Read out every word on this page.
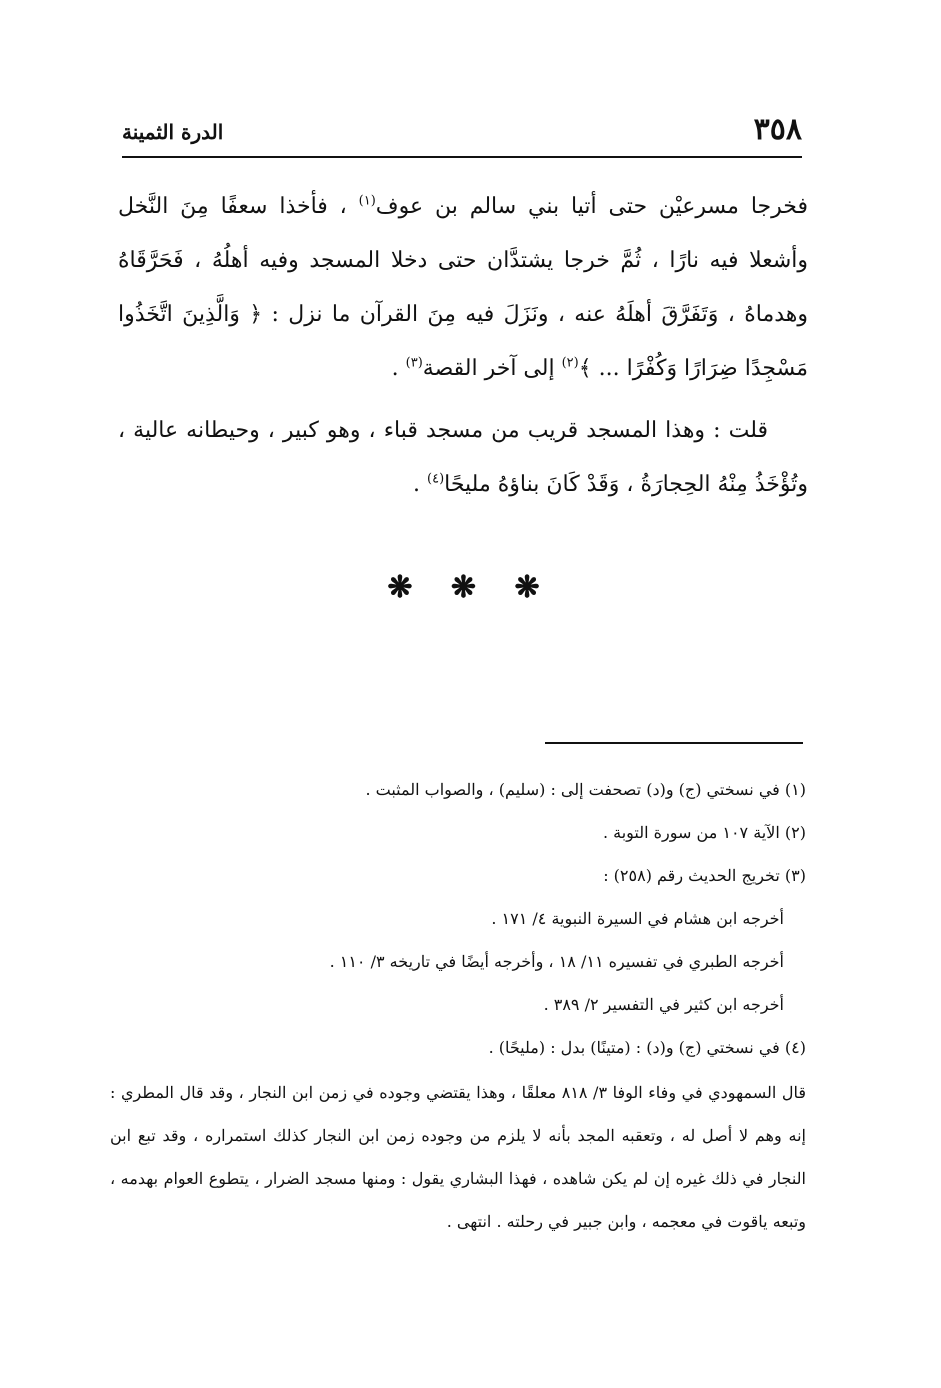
٣٥٨
الدرة الثمينة

فخرجا مسرعيْن حتى أتيا بني سالم بن عوف$^{(١)}$ ، فأخذا سعفًا مِنَ النَّخل وأشعلا فيه نارًا ، ثُمَّ خرجا يشتدَّان حتى دخلا المسجد وفيه أهلُهُ ، فَحَرَّقَاهُ وهدماهُ ، وَتَفَرَّقَ أهلَهُ عنه ، ونَزَلَ فيه مِنَ القرآن ما نزل : ﴿ وَالَّذِينَ اتَّخَذُوا مَسْجِدًا ضِرَارًا وَكُفْرًا ... ﴾$^{(٢)}$ إلى آخر القصة$^{(٣)}$ .

قلت : وهذا المسجد قريب من مسجد قباء ، وهو كبير ، وحيطانه عالية ، وتُؤْخَذُ مِنْهُ الحِجارَةُ ، وَقَدْ كَانَ بناؤهُ مليحًا$^{(٤)}$ .

❋ ❋ ❋
(١) في نسختي (ج) و(د) تصحفت إلى : (سليم) ، والصواب المثبت .
(٢) الآية ١٠٧ من سورة التوبة .
(٣) تخريج الحديث رقم (٢٥٨) :
أخرجه ابن هشام في السيرة النبوية ٤/ ١٧١ .
أخرجه الطبري في تفسيره ١١/ ١٨ ، وأخرجه أيضًا في تاريخه ٣/ ١١٠ .
أخرجه ابن كثير في التفسير ٢/ ٣٨٩ .
(٤) في نسختي (ج) و(د) : (متينًا) بدل : (مليحًا) .
قال السمهودي في وفاء الوفا ٣/ ٨١٨ معلقًا ، وهذا يقتضي وجوده في زمن ابن النجار ، وقد قال المطري : إنه وهم لا أصل له ، وتعقبه المجد بأنه لا يلزم من وجوده زمن ابن النجار كذلك استمراره ، وقد تبع ابن النجار في ذلك غيره إن لم يكن شاهده ، فهذا البشاري يقول : ومنها مسجد الضرار ، يتطوع العوام بهدمه ، وتبعه ياقوت في معجمه ، وابن جبير في رحلته . انتهى .
